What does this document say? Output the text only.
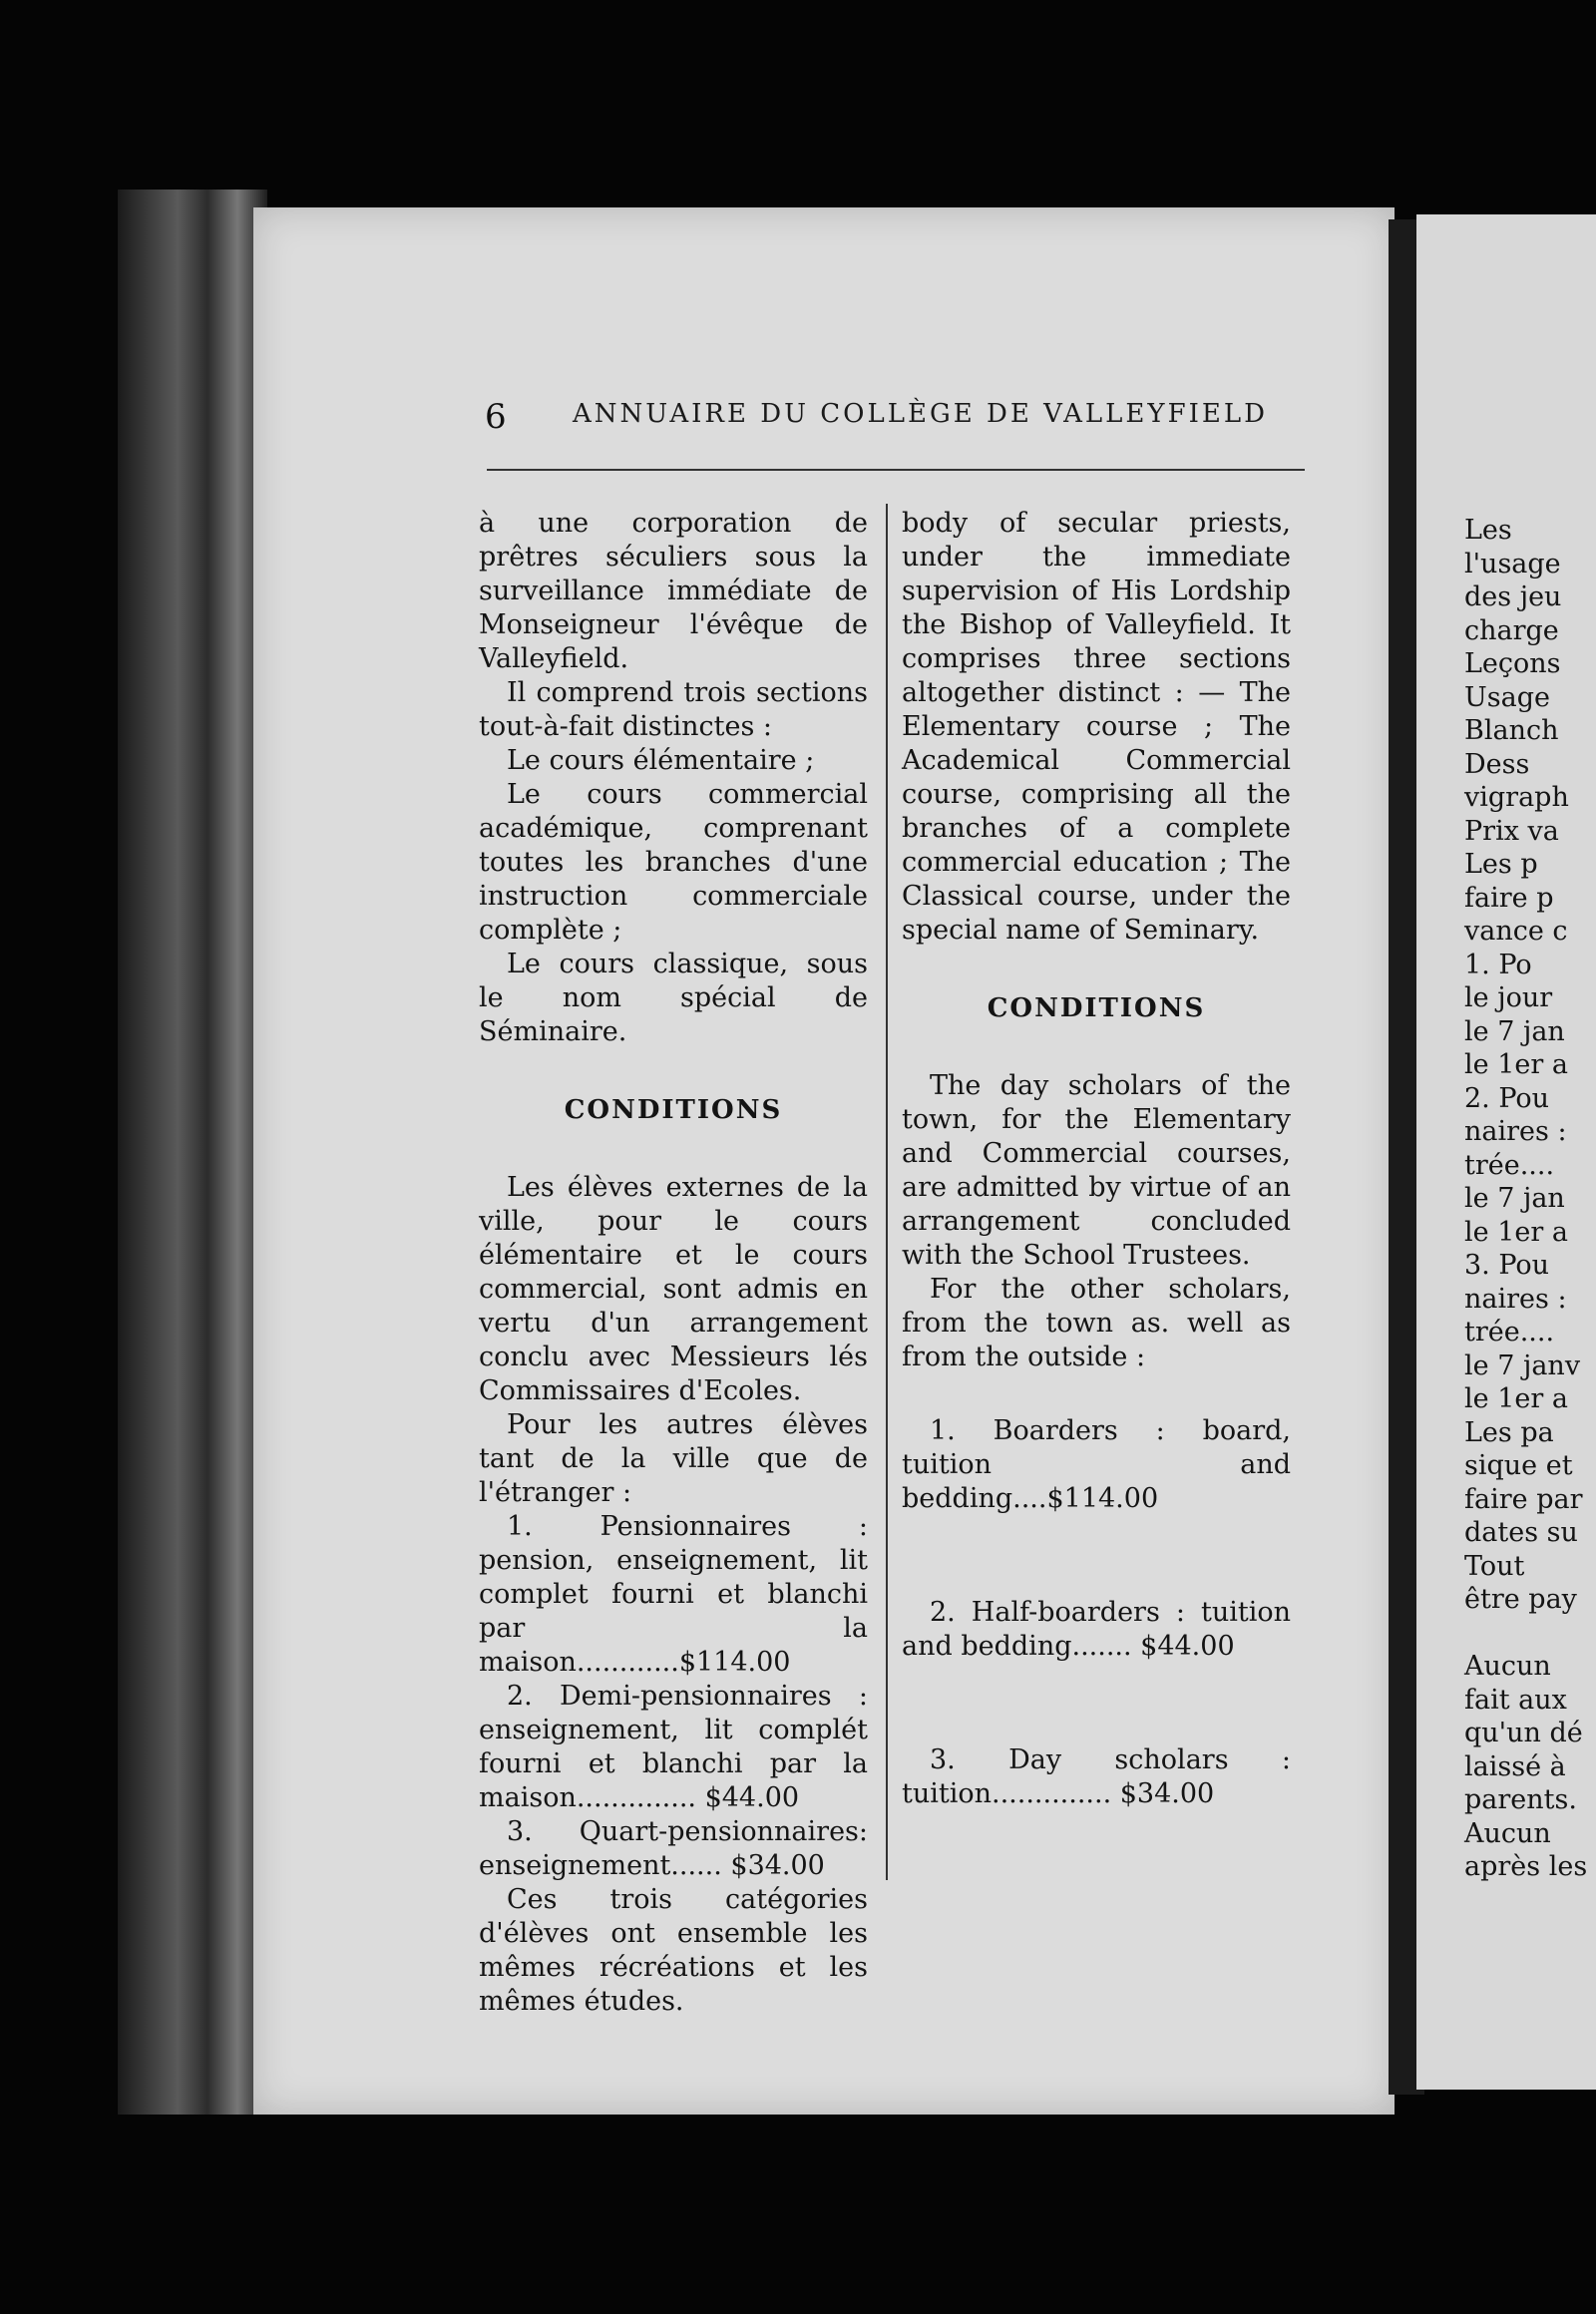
6	ANNUAIRE DU COLLÈGE DE VALLEYFIELD

à une corporation de prêtres séculiers sous la surveillance immédiate de Monseigneur l'évêque de Valleyfield.

Il comprend trois sections tout-à-fait distinctes :

Le cours élémentaire ;

Le cours commercial académique, comprenant toutes les branches d'une instruction commerciale complète ;

Le cours classique, sous le nom spécial de Séminaire.

CONDITIONS

Les élèves externes de la ville, pour le cours élémentaire et le cours commercial, sont admis en vertu d'un arrangement conclu avec Messieurs lés Commissaires d'Ecoles.

Pour les autres élèves tant de la ville que de l'étranger :

1. Pensionnaires : pension, enseignement, lit complet fourni et blanchi par la maison............$114.00

2. Demi-pensionnaires : enseignement, lit complét fourni et blanchi par la maison.............. $44.00

3. Quart-pensionnaires: enseignement...... $34.00

Ces trois catégories d'élèves ont ensemble les mêmes récréations et les mêmes études.

body of secular priests, under the immediate supervision of His Lordship the Bishop of Valleyfield. It comprises three sections altogether distinct : — The Elementary course ; The Academical Commercial course, comprising all the branches of a complete commercial education ; The Classical course, under the special name of Seminary.

CONDITIONS

The day scholars of the town, for the Elementary and Commercial courses, are admitted by virtue of an arrangement concluded with the School Trustees.

For the other scholars, from the town as. well as from the outside :

1. Boarders : board, tuition and bedding....$114.00

2. Half-boarders : tuition and bedding....... $44.00

3. Day scholars : tuition.............. $34.00

Les
l'usage
des jeu
charge
Leçons
Usage
Blanch
Dess
vigraph
Prix va
Les p
faire p
vance c
1. Po
le jour
le 7 jan
le 1er a
2. Pou
naires :
trée....
le 7 jan
le 1er a
3. Pou
naires :
trée....
le 7 janv
le 1er a
Les pa
sique et
faire par
dates su
Tout
être pay
Aucun
fait aux
qu'un dé
laissé à
parents.
Aucun
après les
